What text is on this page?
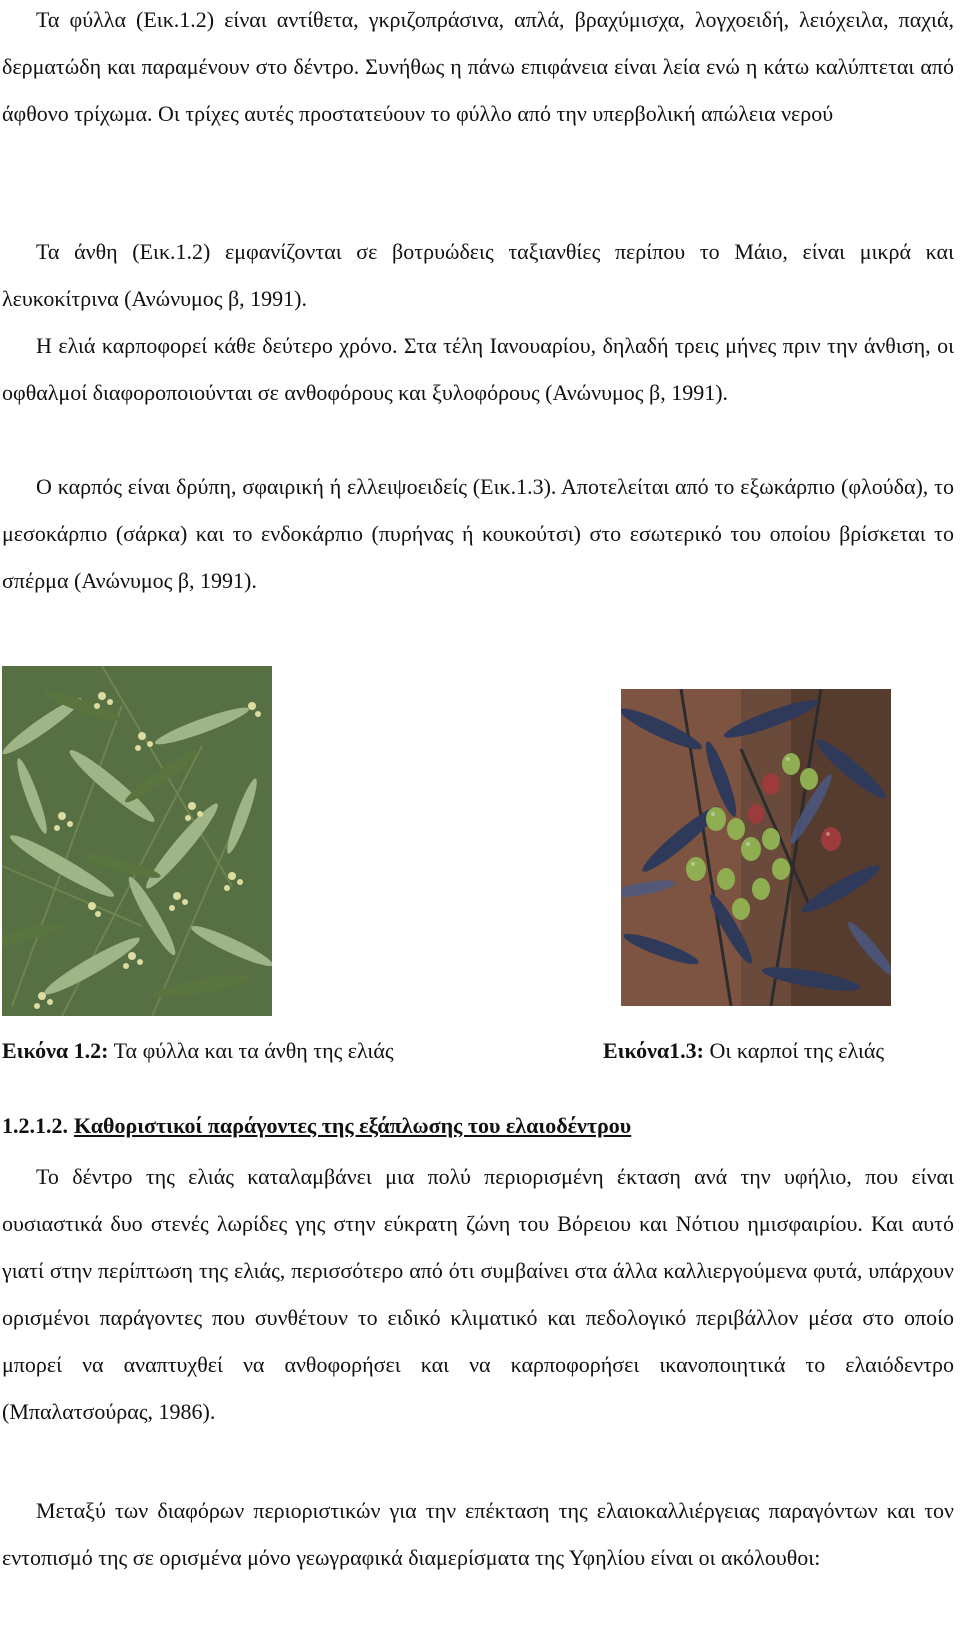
Τα φύλλα (Εικ.1.2) είναι αντίθετα, γκριζοπράσινα, απλά, βραχύμισχα, λογχοειδή, λειόχειλα, παχιά, δερματώδη και παραμένουν στο δέντρο. Συνήθως η πάνω επιφάνεια είναι λεία ενώ η κάτω καλύπτεται από άφθονο τρίχωμα. Οι τρίχες αυτές προστατεύουν το φύλλο από την υπερβολική απώλεια νερού

Τα άνθη (Εικ.1.2) εμφανίζονται σε βοτρυώδεις ταξιανθίες περίπου το Μάιο, είναι μικρά και λευκοκίτρινα (Ανώνυμος β, 1991).

Η ελιά καρποφορεί κάθε δεύτερο χρόνο. Στα τέλη Ιανουαρίου, δηλαδή τρεις μήνες πριν την άνθιση, οι οφθαλμοί διαφοροποιούνται σε ανθοφόρους και ξυλοφόρους (Ανώνυμος β, 1991).

Ο καρπός είναι δρύπη, σφαιρική ή ελλειψοειδείς (Εικ.1.3). Αποτελείται από το εξωκάρπιο (φλούδα), το μεσοκάρπιο (σάρκα) και το ενδοκάρπιο (πυρήνας ή κουκούτσι) στο εσωτερικό του οποίου βρίσκεται το σπέρμα (Ανώνυμος β, 1991).

Εικόνα 1.2: Τα φύλλα και τα άνθη της ελιάς	Εικόνα1.3: Οι καρποί της ελιάς
1.2.1.2. Καθοριστικοί παράγοντες της εξάπλωσης του ελαιοδέντρου

Το δέντρο της ελιάς καταλαμβάνει μια πολύ περιορισμένη έκταση ανά την υφήλιο, που είναι ουσιαστικά δυο στενές λωρίδες γης στην εύκρατη ζώνη του Βόρειου και Νότιου ημισφαιρίου. Και αυτό γιατί στην περίπτωση της ελιάς, περισσότερο από ότι συμβαίνει στα άλλα καλλιεργούμενα φυτά, υπάρχουν ορισμένοι παράγοντες που συνθέτουν το ειδικό κλιματικό και πεδολογικό περιβάλλον μέσα στο οποίο μπορεί να αναπτυχθεί να ανθοφορήσει και να καρποφορήσει ικανοποιητικά το ελαιόδεντρο (Μπαλατσούρας, 1986).

Μεταξύ των διαφόρων περιοριστικών για την επέκταση της ελαιοκαλλιέργειας παραγόντων και τον εντοπισμό της σε ορισμένα μόνο γεωγραφικά διαμερίσματα της Υφηλίου είναι οι ακόλουθοι:
